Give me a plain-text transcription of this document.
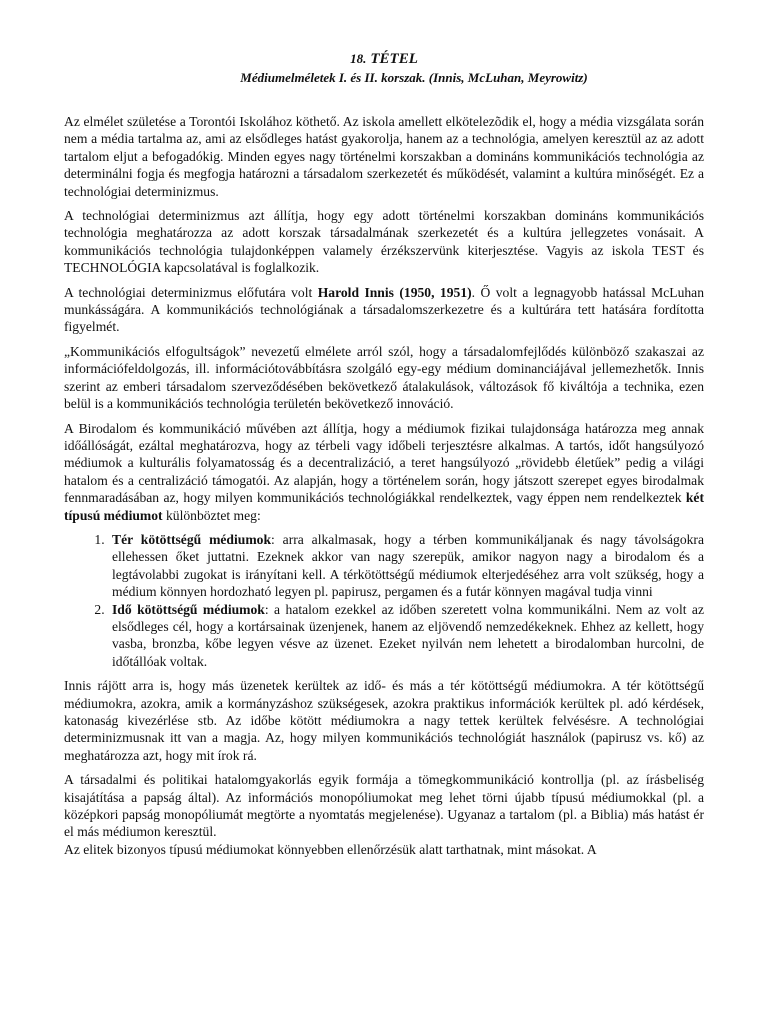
18. TÉTEL

Médiumelméletek I. és II. korszak. (Innis, McLuhan, Meyrowitz)

Az elmélet születése a Torontói Iskolához köthető. Az iskola amellett elkötelezõdik el, hogy a média vizsgálata során nem a média tartalma az, ami az elsődleges hatást gyakorolja, hanem az a technológia, amelyen keresztül az az adott tartalom eljut a befogadókig. Minden egyes nagy történelmi korszakban a domináns kommunikációs technológia az determinálni fogja és megfogja határozni a társadalom szerkezetét és működését, valamint a kultúra minőségét. Ez a technológiai determinizmus.

A technológiai determinizmus azt állítja, hogy egy adott történelmi korszakban domináns kommunikációs technológia meghatározza az adott korszak társadalmának szerkezetét és a kultúra jellegzetes vonásait. A kommunikációs technológia tulajdonképpen valamely érzékszervünk kiterjesztése. Vagyis az iskola TEST és TECHNOLÓGIA kapcsolatával is foglalkozik.

A technológiai determinizmus előfutára volt Harold Innis (1950, 1951). Ő volt a legnagyobb hatással McLuhan munkásságára. A kommunikációs technológiának a társadalomszerkezetre és a kultúrára tett hatására fordította figyelmét.

„Kommunikációs elfogultságok” nevezetű elmélete arról szól, hogy a társadalomfejlődés különböző szakaszai az információfeldolgozás, ill. információtovábbításra szolgáló egy-egy médium dominanciájával jellemezhetők. Innis szerint az emberi társadalom szerveződésében bekövetkező átalakulások, változások fő kiváltója a technika, ezen belül is a kommunikációs technológia területén bekövetkező innováció.

A Birodalom és kommunikáció művében azt állítja, hogy a médiumok fizikai tulajdonsága határozza meg annak időállóságát, ezáltal meghatározva, hogy az térbeli vagy időbeli terjesztésre alkalmas. A tartós, időt hangsúlyozó médiumok a kulturális folyamatosság és a decentralizáció, a teret hangsúlyozó „rövidebb életűek” pedig a világi hatalom és a centralizáció támogatói. Az alapján, hogy a történelem során, hogy játszott szerepet egyes birodalmak fennmaradásában az, hogy milyen kommunikációs technológiákkal rendelkeztek, vagy éppen nem rendelkeztek két típusú médiumot különböztet meg:

1. Tér kötöttségű médiumok: arra alkalmasak, hogy a térben kommunikáljanak és nagy távolságokra ellehessen őket juttatni. Ezeknek akkor van nagy szerepük, amikor nagyon nagy a birodalom és a legtávolabbi zugokat is irányítani kell. A térkötöttségű médiumok elterjedéséhez arra volt szükség, hogy a médium könnyen hordozható legyen pl. papirusz, pergamen és a futár könnyen magával tudja vinni
2. Idő kötöttségű médiumok: a hatalom ezekkel az időben szeretett volna kommunikálni. Nem az volt az elsődleges cél, hogy a kortársainak üzenjenek, hanem az eljövendő nemzedékeknek. Ehhez az kellett, hogy vasba, bronzba, kőbe legyen vésve az üzenet. Ezeket nyilván nem lehetett a birodalomban hurcolni, de időtállóak voltak.

Innis rájött arra is, hogy más üzenetek kerültek az idő- és más a tér kötöttségű médiumokra. A tér kötöttségű médiumokra, azokra, amik a kormányzáshoz szükségesek, azokra praktikus információk kerültek pl. adó kérdések, katonaság kivezérlése stb. Az időbe kötött médiumokra a nagy tettek kerültek felvésésre. A technológiai determinizmusnak itt van a magja. Az, hogy milyen kommunikációs technológiát használok (papirusz vs. kő) az meghatározza azt, hogy mit írok rá.

A társadalmi és politikai hatalomgyakorlás egyik formája a tömegkommunikáció kontrollja (pl. az írásbeliség kisajátítása a papság által). Az információs monopóliumokat meg lehet törni újabb típusú médiumokkal (pl. a középkori papság monopóliumát megtörte a nyomtatás megjelenése). Ugyanaz a tartalom (pl. a Biblia) más hatást ér el más médiumon keresztül.
Az elitek bizonyos típusú médiumokat könnyebben ellenőrzésük alatt tarthatnak, mint másokat. A
